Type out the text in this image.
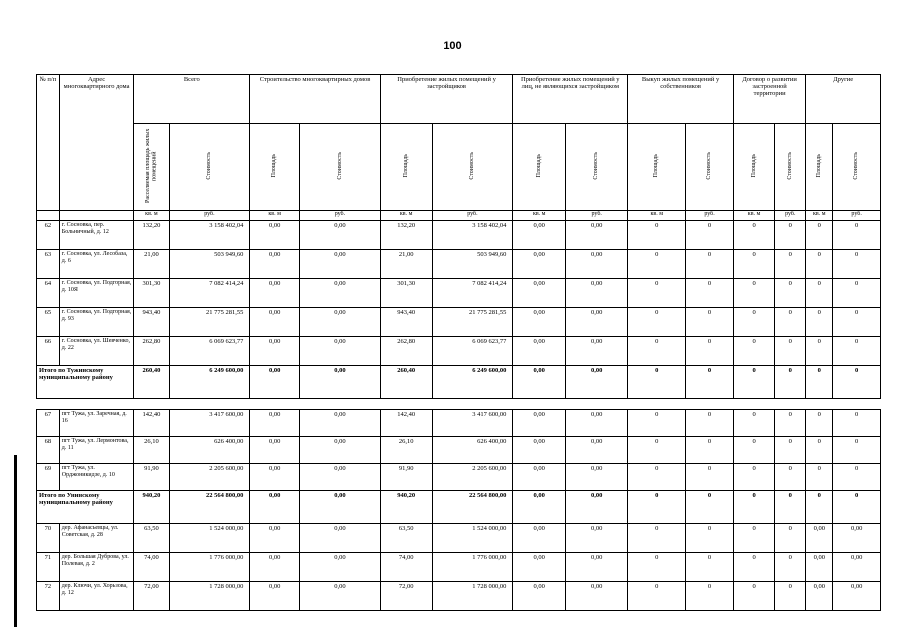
100
№ п/п	Адрес многоквартирного дома	Всего		Строительство многоквартирных домов		Приобретение жилых помещений у застройщиков		Приобретение жилых помещений у лиц, не являющихся застройщиком		Выкуп жилых помещений у собственников		Договор о развитии застроенной территории		Другие	
		Расселяемая площадь жилых помещений	Стоимость	Площадь	Стоимость	Площадь	Стоимость	Площадь	Стоимость	Площадь	Стоимость	Площадь	Стоимость	Площадь	Стоимость
		кв. м	руб.	кв. м	руб.	кв. м	руб.	кв. м	руб.	кв. м	руб.	кв. м	руб.	кв. м	руб.
62	г. Сосновка, пер. Больничный, д. 12	132,20	3 158 402,04	0,00	0,00	132,20	3 158 402,04	0,00	0,00	0	0	0	0	0	0
63	г. Сосновка, ул. Лесобаза, д. 6	21,00	503 949,60	0,00	0,00	21,00	503 949,60	0,00	0,00	0	0	0	0	0	0
64	г. Сосновка, ул. Подгорная, д. 10Я	301,30	7 082 414,24	0,00	0,00	301,30	7 082 414,24	0,00	0,00	0	0	0	0	0	0
65	г. Сосновка, ул. Подгорная, д. 93	943,40	21 775 281,55	0,00	0,00	943,40	21 775 281,55	0,00	0,00	0	0	0	0	0	0
66	г. Сосновка, ул. Шевченко, д. 22	262,80	6 069 623,77	0,00	0,00	262,80	6 069 623,77	0,00	0,00	0	0	0	0	0	0
Итого по Тужинскому муниципальному району		260,40	6 249 600,00	0,00	0,00	260,40	6 249 600,00	0,00	0,00	0	0	0	0	0	0

67	пгт Тужа, ул. Заречная, д. 16	142,40	3 417 600,00	0,00	0,00	142,40	3 417 600,00	0,00	0,00	0	0	0	0	0	0
68	пгт Тужа, ул. Лермонтова, д. 11	26,10	626 400,00	0,00	0,00	26,10	626 400,00	0,00	0,00	0	0	0	0	0	0
69	пгт Тужа, ул. Орджоникидзе, д. 10	91,90	2 205 600,00	0,00	0,00	91,90	2 205 600,00	0,00	0,00	0	0	0	0	0	0
Итого по Унинскому муниципальному району		940,20	22 564 800,00	0,00	0,00	940,20	22 564 800,00	0,00	0,00	0	0	0	0	0	0
70	дер. Афанасьевцы, ул. Советская, д. 28	63,50	1 524 000,00	0,00	0,00	63,50	1 524 000,00	0,00	0,00	0	0	0	0	0,00	0,00
71	дер. Большая Дуброва, ул. Полевая, д. 2	74,00	1 776 000,00	0,00	0,00	74,00	1 776 000,00	0,00	0,00	0	0	0	0	0,00	0,00
72	дер. Ключи, ул. Хорьзова, д. 12	72,00	1 728 000,00	0,00	0,00	72,00	1 728 000,00	0,00	0,00	0	0	0	0	0,00	0,00
